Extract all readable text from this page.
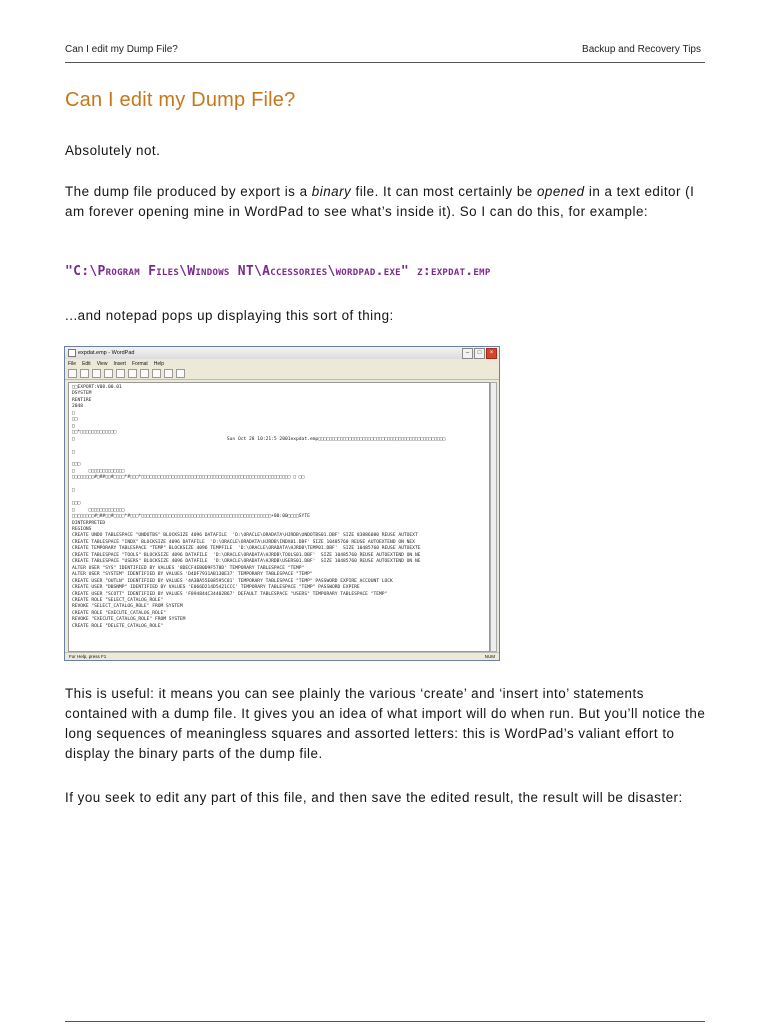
Can I edit my Dump File?	Backup and Recovery Tips
Can I edit my Dump File?

Absolutely not.

The dump file produced by export is a binary file. It can most certainly be opened in a text editor (I am forever opening mine in WordPad to see what’s inside it). So I can do this, for example:

"C:\Program Files\Windows NT\Accessories\wordpad.exe" z:expdat.emp

...and notepad pops up displaying this sort of thing:

expdat.emp - WordPad	–	□	×
File Edit View Insert Format Help
□□EXPORT:V08.00.01
DSYSTEM
RENTIRE
2048
□
□□
□
□□*□□□□□□□□□□□□□
□                                                       Sun Oct 28 10:21:5 2001expdat.emp□□□□□□□□□□□□□□□□□□□□□□□□□□□□□□□□□□□□□□□□□□□□□□

□

□□□
□     □□□□□□□□□□□□□
□□□□□□□□#□##□□#□□□□*#□□□*□□□□□□□□□□□□□□□□□□□□□□□□□□□□□□□□□□□□□□□□□□□□□□□□□□□□□□ □ □□

□

□□□
□     □□□□□□□□□□□□□
□□□□□□□□#□##□□#□□□□*#□□□*□□□□□□□□□□□□□□□□□□□□□□□□□□□□□□□□□□□□□□□□□□□□□□□+00:00□□□□SYTE
DINTERPRETED
REGIONS
CREATE UNDO TABLESPACE "UNDOTBS" BLOCKSIZE 4096 DATAFILE  'D:\ORACLE\ORADATA\HJRDB\UNDOTBS01.DBF' SIZE 83886080 REUSE AUTOEXT
CREATE TABLESPACE "INDX" BLOCKSIZE 4096 DATAFILE  'D:\ORACLE\ORADATA\HJRDB\INDX01.DBF' SIZE 10485760 REUSE AUTOEXTEND ON NEX
CREATE TEMPORARY TABLESPACE "TEMP" BLOCKSIZE 4096 TEMPFILE  'D:\ORACLE\ORADATA\HJRDB\TEMP01.DBF'  SIZE 10485760 REUSE AUTOEXTE
CREATE TABLESPACE "TOOLS" BLOCKSIZE 4096 DATAFILE  'D:\ORACLE\ORADATA\HJRDB\TOOLS01.DBF'  SIZE 10485760 REUSE AUTOEXTEND ON NE
CREATE TABLESPACE "USERS" BLOCKSIZE 4096 DATAFILE  'D:\ORACLE\ORADATA\HJRDB\USERS01.DBF'  SIZE 10485760 REUSE AUTOEXTEND ON NE
ALTER USER "SYS" IDENTIFIED BY VALUES '8DECF4EB0D9F578D' TEMPORARY TABLESPACE "TEMP"
ALTER USER "SYSTEM" IDENTIFIED BY VALUES 'D4DF7931AB130E37' TEMPORARY TABLESPACE "TEMP"
CREATE USER "OUTLN" IDENTIFIED BY VALUES '4A3BA55E08595C81' TEMPORARY TABLESPACE "TEMP" PASSWORD EXPIRE ACCOUNT LOCK
CREATE USER "DBSNMP" IDENTIFIED BY VALUES 'E066D214D5421CCC' TEMPORARY TABLESPACE "TEMP" PASSWORD EXPIRE
CREATE USER "SCOTT" IDENTIFIED BY VALUES 'F894844C34402B67' DEFAULT TABLESPACE "USERS" TEMPORARY TABLESPACE "TEMP"
CREATE ROLE "SELECT_CATALOG_ROLE"
REVOKE "SELECT_CATALOG_ROLE" FROM SYSTEM
CREATE ROLE "EXECUTE_CATALOG_ROLE"
REVOKE "EXECUTE_CATALOG_ROLE" FROM SYSTEM
CREATE ROLE "DELETE_CATALOG_ROLE"
For Help, press F1	NUM

This is useful: it means you can see plainly the various ‘create’ and ‘insert into’ statements contained with a dump file. It gives you an idea of what import will do when run. But you’ll notice the long sequences of meaningless squares and assorted letters: this is WordPad’s valiant effort to display the binary parts of the dump file.

If you seek to edit any part of this file, and then save the edited result, the result will be disaster:
